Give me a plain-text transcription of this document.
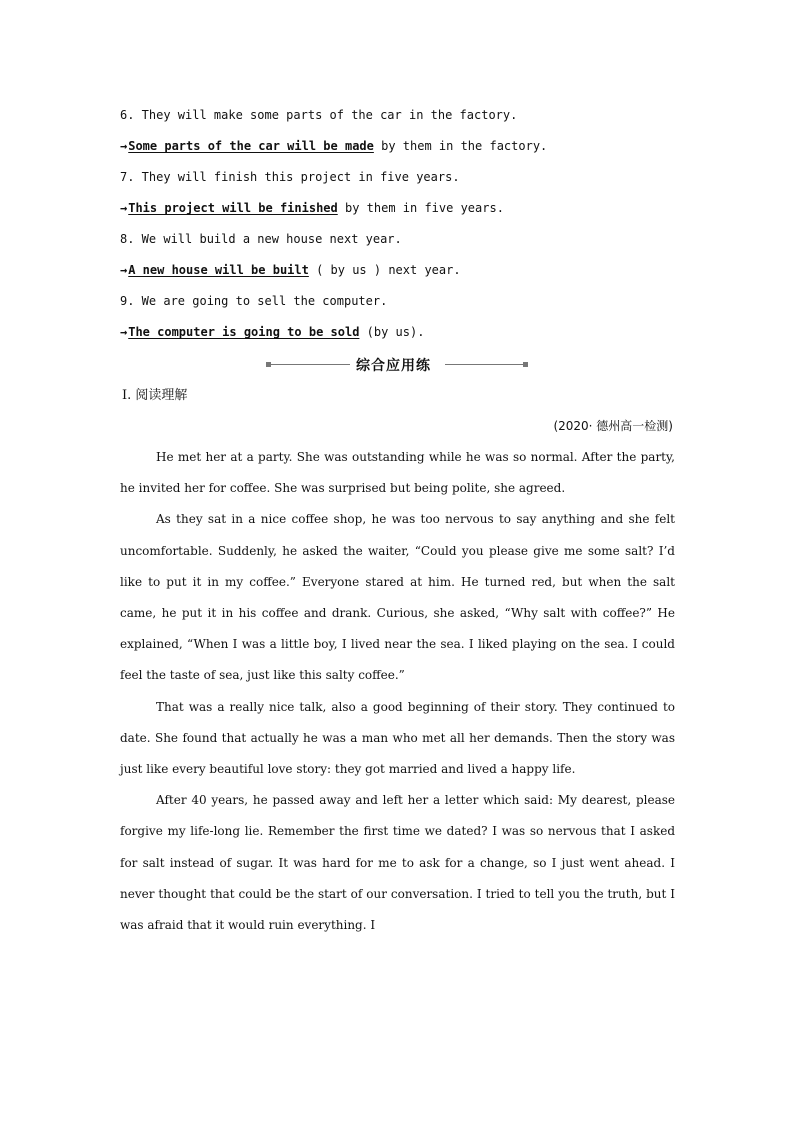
6. They will make some parts of the car in the factory.
→Some parts of the car will be made by them in the factory.
7. They will finish this project in five years.
→This project will be finished by them in five years.
8. We will build a new house next year.
→A new house will be built ( by us ) next year.
9. We are going to sell the computer.
→The computer is going to be sold (by us).
综合应用练
Ⅰ. 阅读理解
(2020· 德州高一检测)

He met her at a party. She was outstanding while he was so normal. After the party, he invited her for coffee. She was surprised but being polite, she agreed.

As they sat in a nice coffee shop, he was too nervous to say anything and she felt uncomfortable. Suddenly, he asked the waiter, “Could you please give me some salt? I’d like to put it in my coffee.” Everyone stared at him. He turned red, but when the salt came, he put it in his coffee and drank. Curious, she asked, “Why salt with coffee?” He explained, “When I was a little boy, I lived near the sea. I liked playing on the sea. I could feel the taste of sea, just like this salty coffee.”

That was a really nice talk, also a good beginning of their story. They continued to date. She found that actually he was a man who met all her demands. Then the story was just like every beautiful love story: they got married and lived a happy life.

After 40 years, he passed away and left her a letter which said: My dearest, please forgive my life-long lie. Remember the first time we dated? I was so nervous that I asked for salt instead of sugar. It was hard for me to ask for a change, so I just went ahead. I never thought that could be the start of our conversation. I tried to tell you the truth, but I was afraid that it would ruin everything. I
